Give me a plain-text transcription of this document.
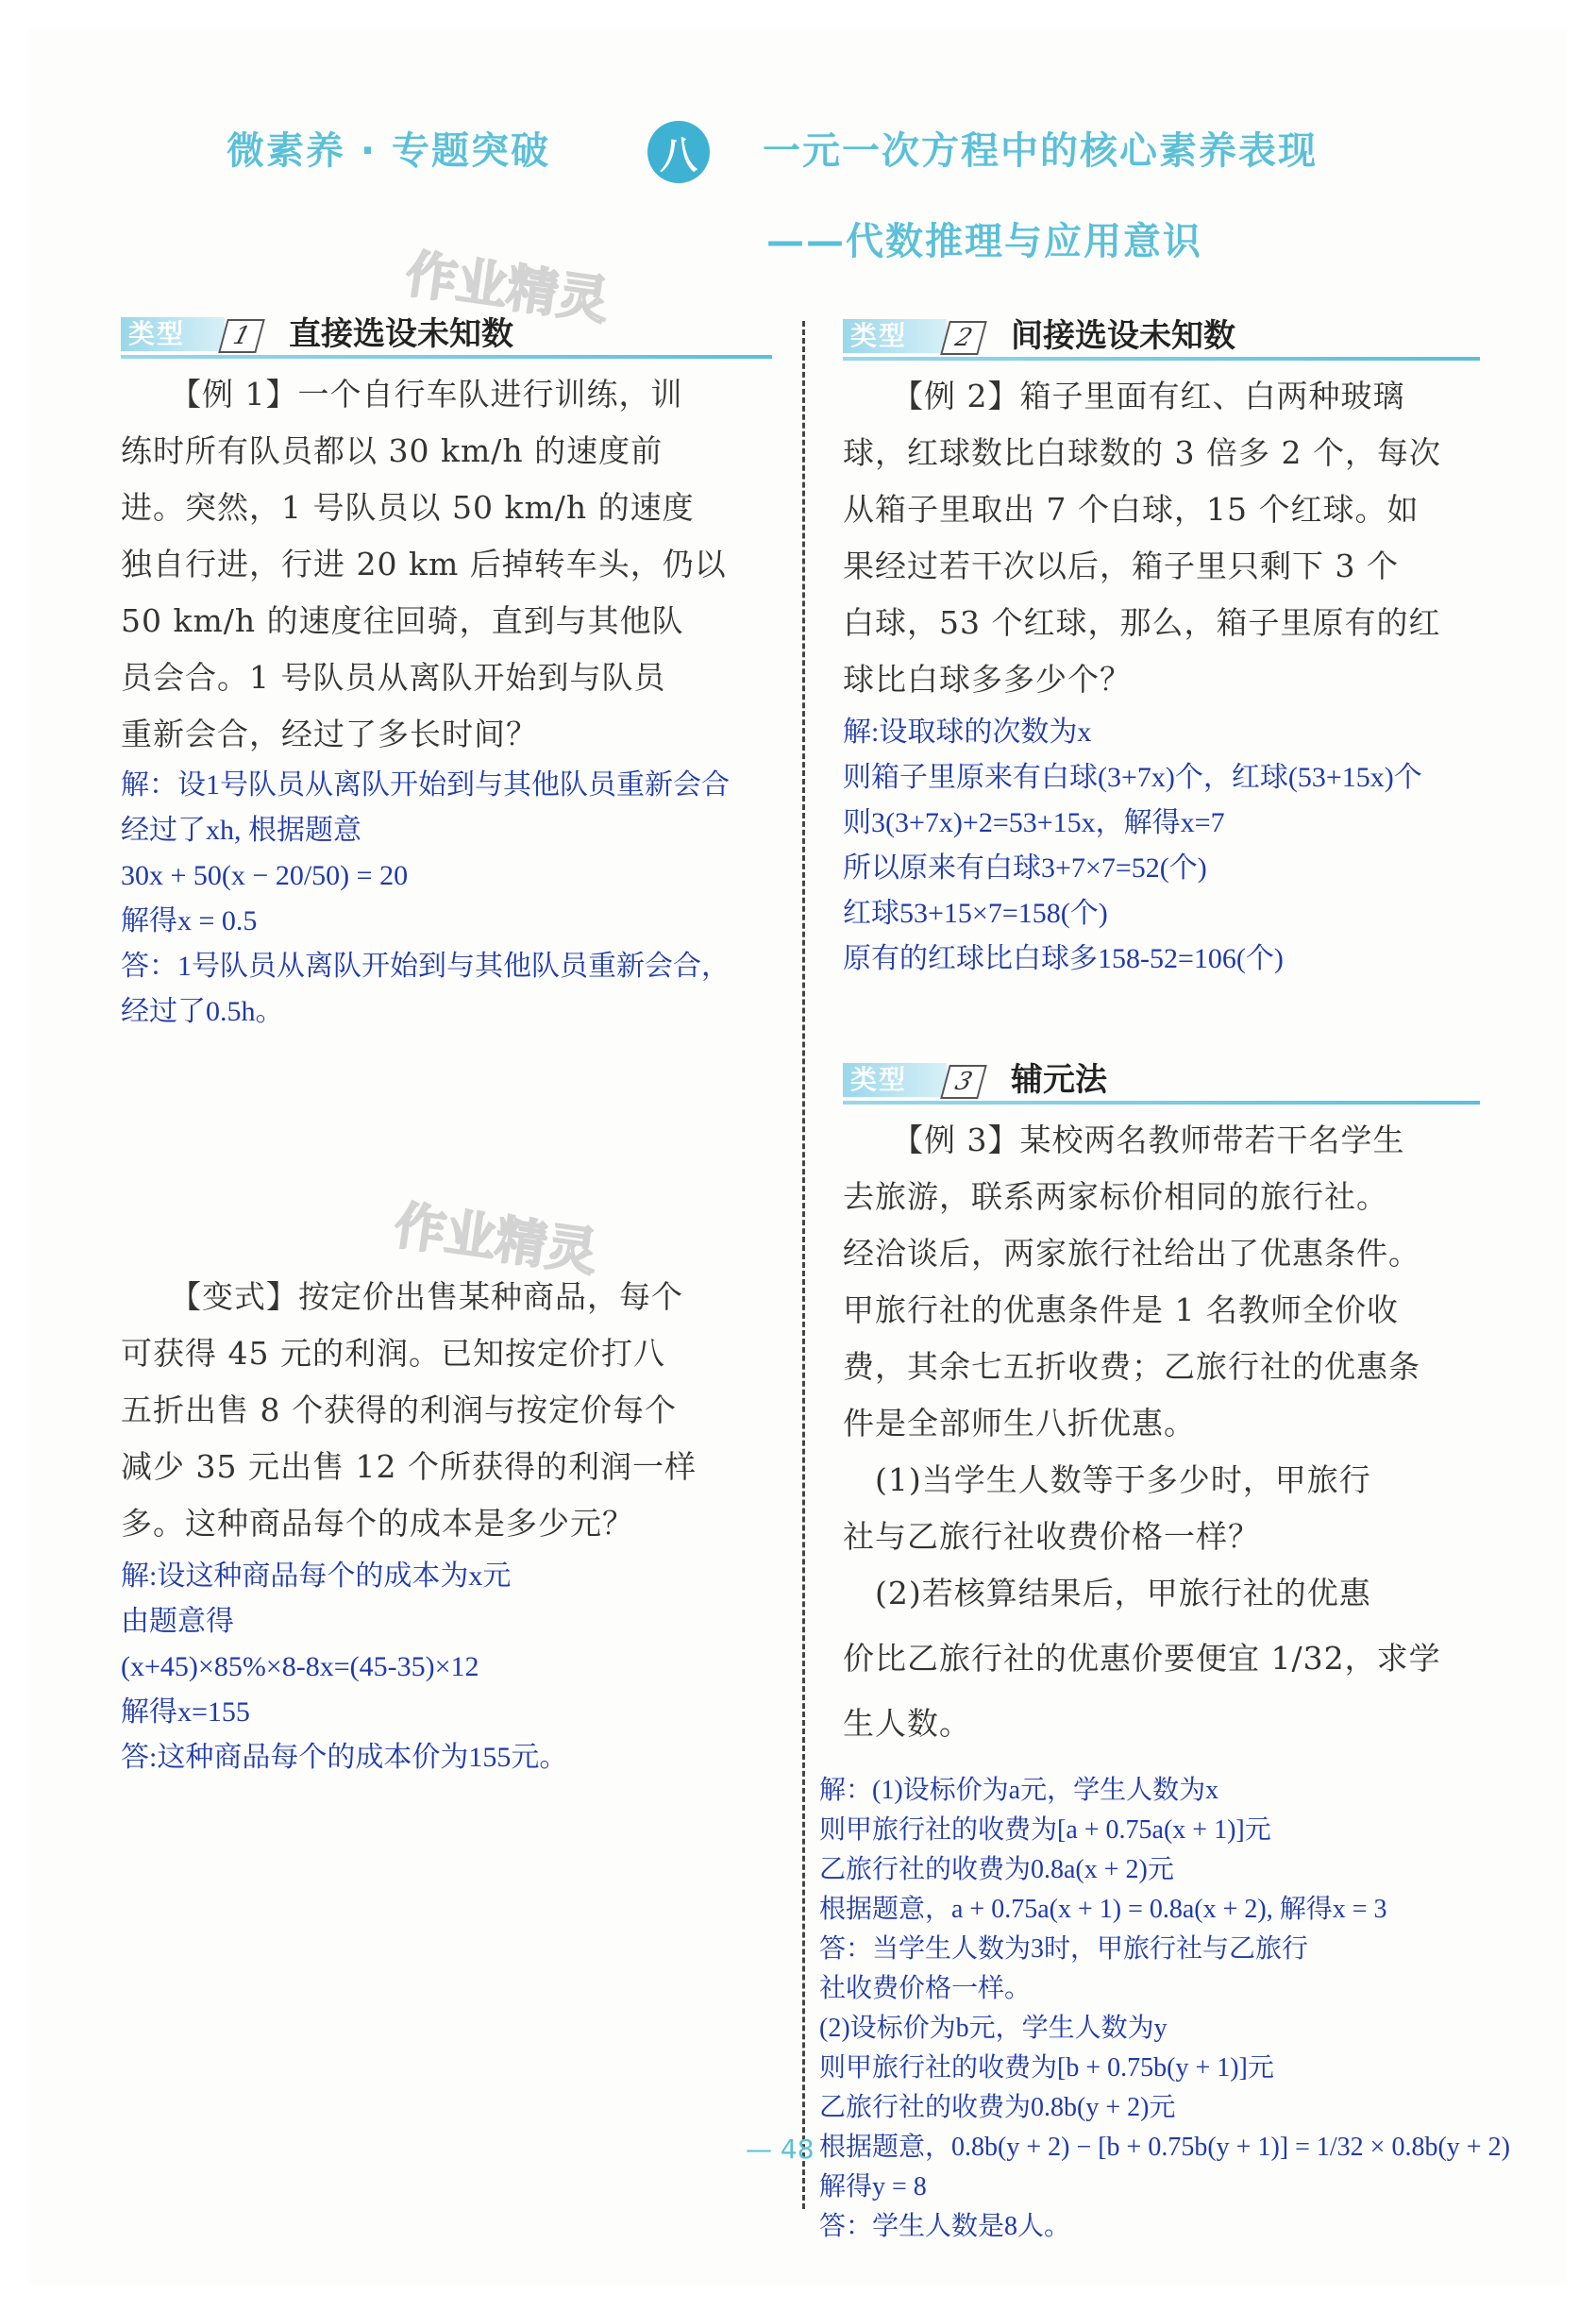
微素养 · 专题突破	八	一元一次方程中的核心素养表现
——代数推理与应用意识
作业精灵
作业精灵
类型	1	直接选设未知数
【例 1】一个自行车队进行训练，训
练时所有队员都以 30 km/h 的速度前
进。突然，1 号队员以 50 km/h 的速度
独自行进，行进 20 km 后掉转车头，仍以
50 km/h 的速度往回骑，直到与其他队
员会合。1 号队员从离队开始到与队员
重新会合，经过了多长时间？
解：设1号队员从离队开始到与其他队员重新会合
经过了xh, 根据题意
30x + 50(x − 20/50) = 20
解得x = 0.5
答：1号队员从离队开始到与其他队员重新会合，
经过了0.5h。
【变式】按定价出售某种商品，每个
可获得 45 元的利润。已知按定价打八
五折出售 8 个获得的利润与按定价每个
减少 35 元出售 12 个所获得的利润一样
多。这种商品每个的成本是多少元？
解:设这种商品每个的成本为x元
由题意得
(x+45)×85%×8-8x=(45-35)×12
解得x=155
答:这种商品每个的成本价为155元。
类型	2	间接选设未知数
【例 2】箱子里面有红、白两种玻璃
球，红球数比白球数的 3 倍多 2 个，每次
从箱子里取出 7 个白球，15 个红球。如
果经过若干次以后，箱子里只剩下 3 个
白球，53 个红球，那么，箱子里原有的红
球比白球多多少个？
解:设取球的次数为x
则箱子里原来有白球(3+7x)个，红球(53+15x)个
则3(3+7x)+2=53+15x，解得x=7
所以原来有白球3+7×7=52(个)
红球53+15×7=158(个)
原有的红球比白球多158-52=106(个)
类型	3	辅元法
【例 3】某校两名教师带若干名学生
去旅游，联系两家标价相同的旅行社。
经洽谈后，两家旅行社给出了优惠条件。
甲旅行社的优惠条件是 1 名教师全价收
费，其余七五折收费；乙旅行社的优惠条
件是全部师生八折优惠。
　(1)当学生人数等于多少时，甲旅行
社与乙旅行社收费价格一样？
　(2)若核算结果后，甲旅行社的优惠
价比乙旅行社的优惠价要便宜 1/32，求学
生人数。
解：(1)设标价为a元，学生人数为x
则甲旅行社的收费为[a + 0.75a(x + 1)]元
乙旅行社的收费为0.8a(x + 2)元
根据题意，a + 0.75a(x + 1) = 0.8a(x + 2), 解得x = 3
答：当学生人数为3时，甲旅行社与乙旅行
社收费价格一样。
(2)设标价为b元，学生人数为y
则甲旅行社的收费为[b + 0.75b(y + 1)]元
乙旅行社的收费为0.8b(y + 2)元
根据题意，0.8b(y + 2) − [b + 0.75b(y + 1)] = 1/32 × 0.8b(y + 2)
解得y = 8
答：学生人数是8人。
— 48
